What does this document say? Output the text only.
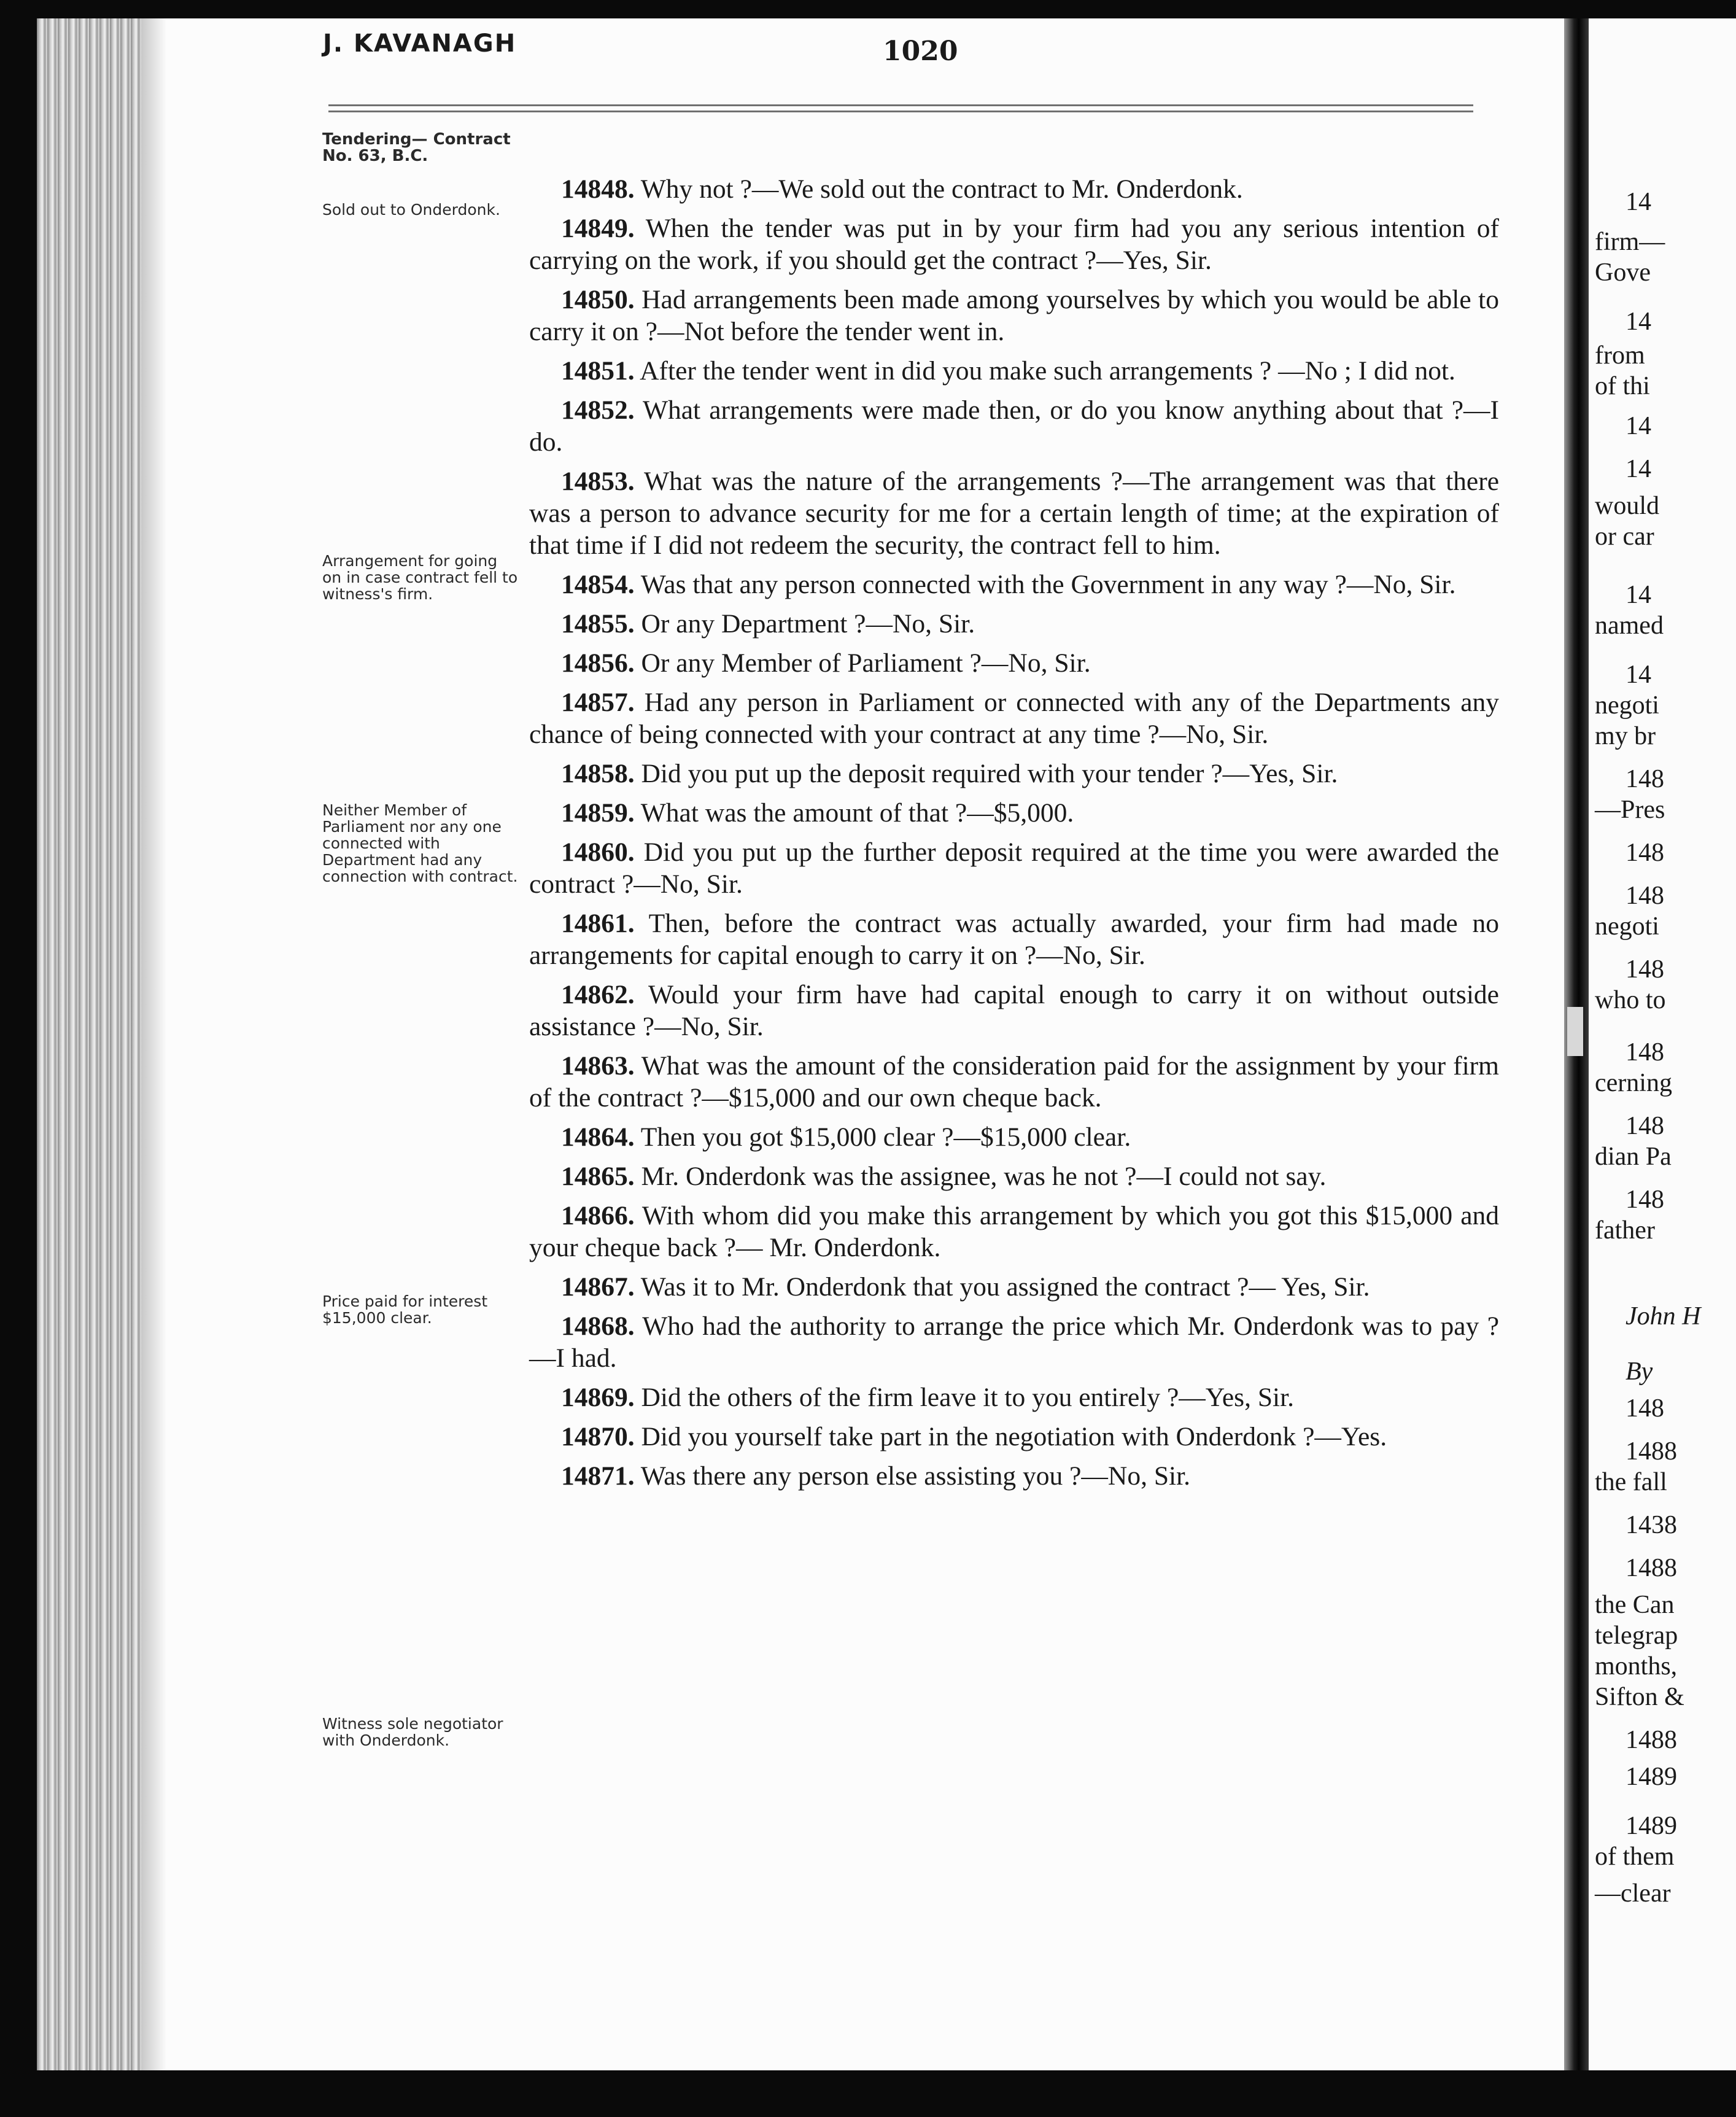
14
firm—
Gove
14
from
of thi
14
14
would
or car
14
named
14
negoti
my br
148
—Pres
148
148
negoti
148
who to
148
cerning
148
dian Pa
148
father
John H
By
148
1488
the fall
1438
1488
the Can
telegrap
months,
Sifton &
1488
1489
1489
of them
—clear
J. KAVANAGH	1020
Tendering— Contract No. 63, B.C.
Sold out to Onderdonk.
Arrangement for going on in case contract fell to witness's firm.
Neither Member of Parliament nor any one connected with Department had any connection with contract.
Price paid for interest $15,000 clear.
Witness sole negotiator with Onderdonk.

14848. Why not ?—We sold out the contract to Mr. Onderdonk.

14849. When the tender was put in by your firm had you any serious intention of carrying on the work, if you should get the contract ?—Yes, Sir.

14850. Had arrangements been made among yourselves by which you would be able to carry it on ?—Not before the tender went in.

14851. After the tender went in did you make such arrangements ? —No ; I did not.

14852. What arrangements were made then, or do you know anything about that ?—I do.

14853. What was the nature of the arrangements ?—The arrangement was that there was a person to advance security for me for a certain length of time; at the expiration of that time if I did not redeem the security, the contract fell to him.

14854. Was that any person connected with the Government in any way ?—No, Sir.

14855. Or any Department ?—No, Sir.

14856. Or any Member of Parliament ?—No, Sir.

14857. Had any person in Parliament or connected with any of the Departments any chance of being connected with your contract at any time ?—No, Sir.

14858. Did you put up the deposit required with your tender ?—Yes, Sir.

14859. What was the amount of that ?—$5,000.

14860. Did you put up the further deposit required at the time you were awarded the contract ?—No, Sir.

14861. Then, before the contract was actually awarded, your firm had made no arrangements for capital enough to carry it on ?—No, Sir.

14862. Would your firm have had capital enough to carry it on without outside assistance ?—No, Sir.

14863. What was the amount of the consideration paid for the assignment by your firm of the contract ?—$15,000 and our own cheque back.

14864. Then you got $15,000 clear ?—$15,000 clear.

14865. Mr. Onderdonk was the assignee, was he not ?—I could not say.

14866. With whom did you make this arrangement by which you got this $15,000 and your cheque back ?— Mr. Onderdonk.

14867. Was it to Mr. Onderdonk that you assigned the contract ?— Yes, Sir.

14868. Who had the authority to arrange the price which Mr. Onderdonk was to pay ?—I had.

14869. Did the others of the firm leave it to you entirely ?—Yes, Sir.

14870. Did you yourself take part in the negotiation with Onderdonk ?—Yes.

14871. Was there any person else assisting you ?—No, Sir.
